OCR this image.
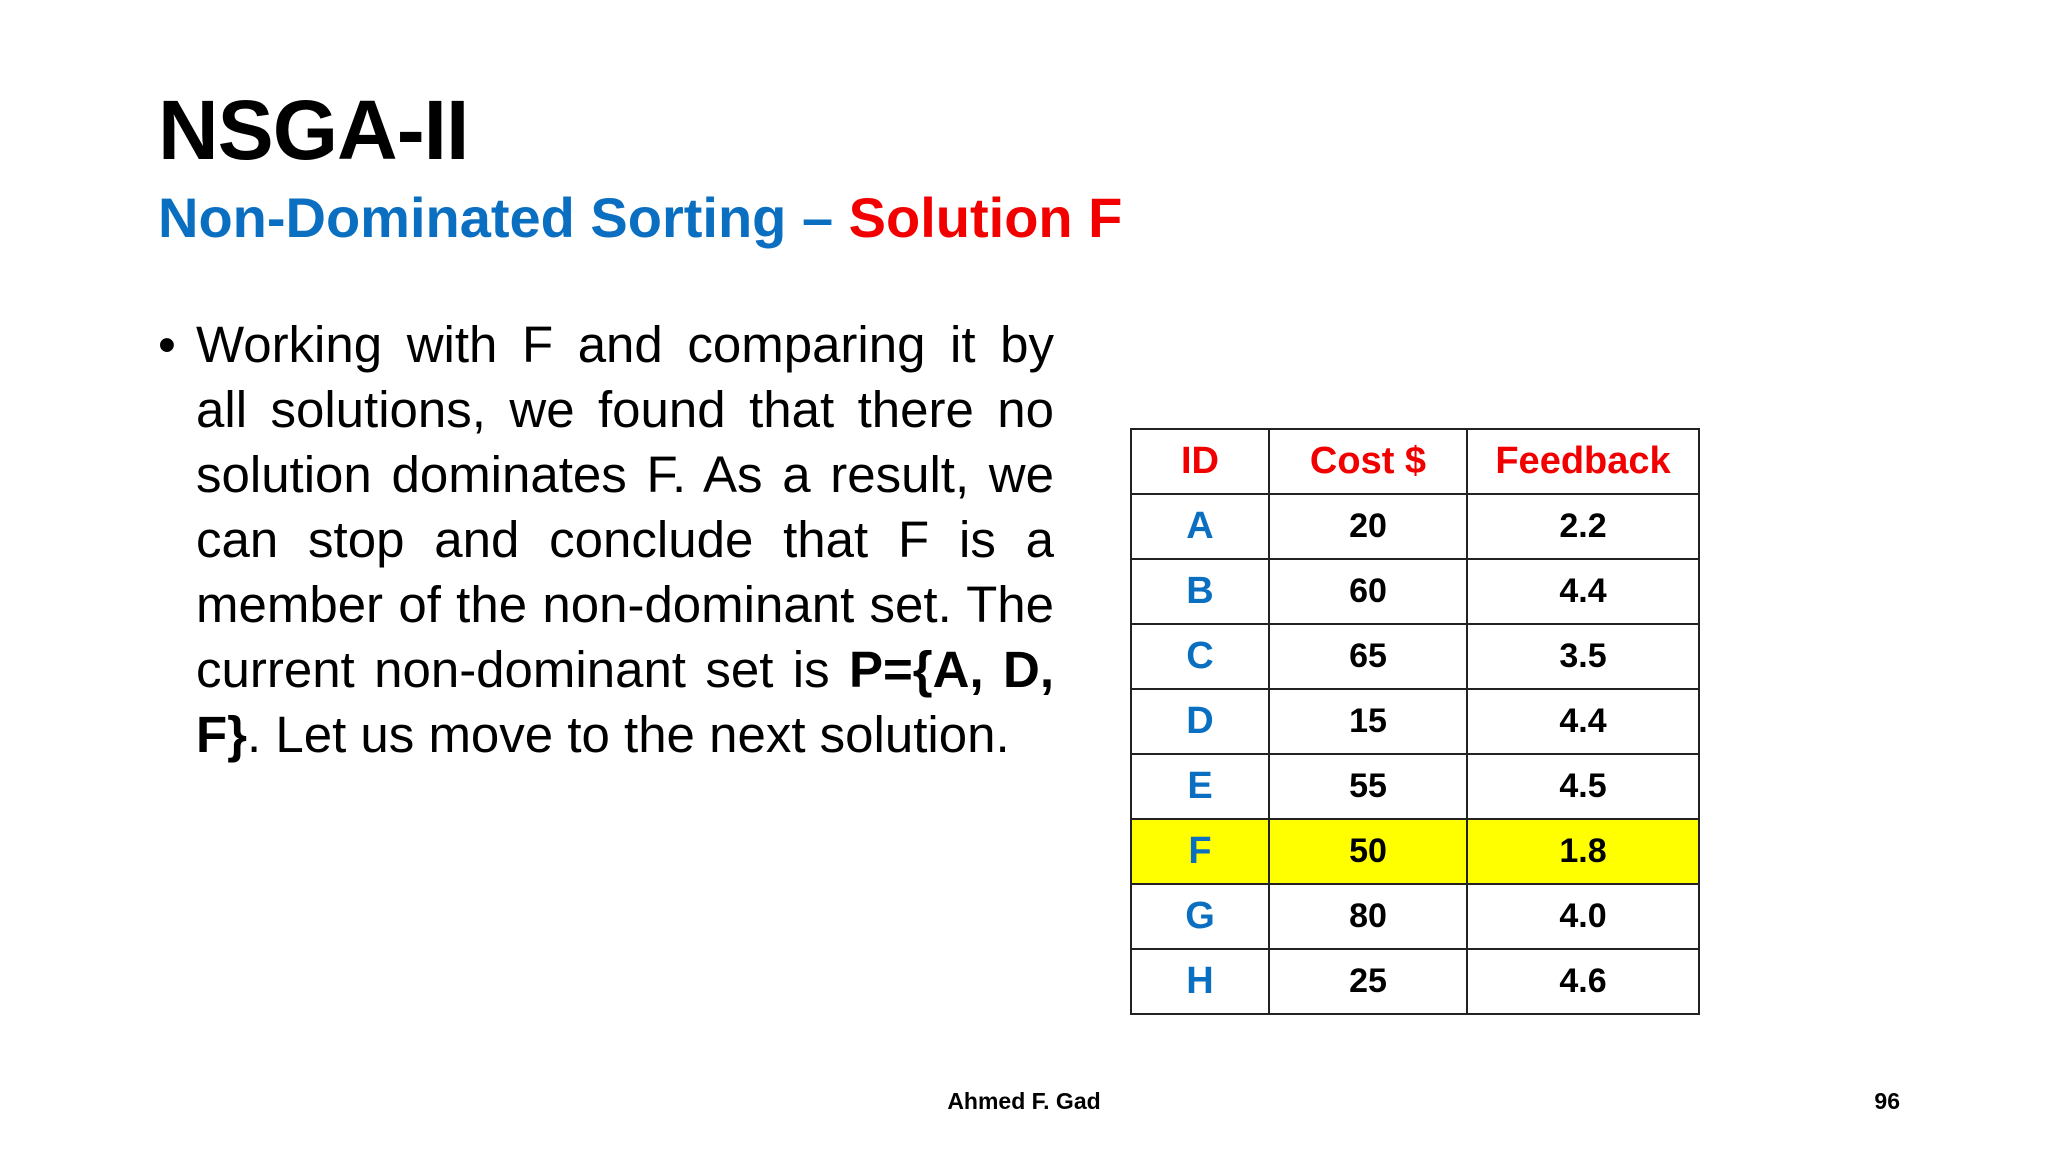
NSGA-II
Non-Dominated Sorting – Solution F
• Working with F and comparing it by all solutions, we found that there no solution dominates F. As a result, we can stop and conclude that F is a member of the non-dominant set. The current non-dominant set is P={A, D, F}. Let us move to the next solution.
ID	Cost $	Feedback
A	20	2.2
B	60	4.4
C	65	3.5
D	15	4.4
E	55	4.5
F	50	1.8
G	80	4.0
H	25	4.6
Ahmed F. Gad	96
